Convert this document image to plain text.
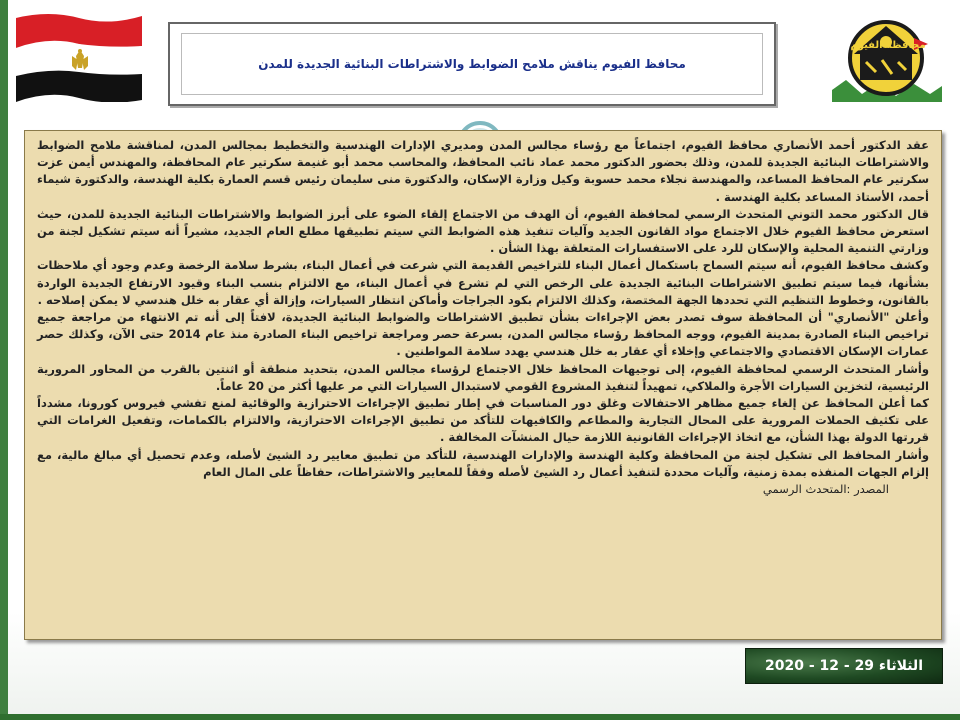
محافظة الفيوم
محافظ الفيوم يناقش ملامح الضوابط والاشتراطات البنائية الجديدة للمدن

عقد الدكتور أحمد الأنصاري محافظ الفيوم، اجتماعاً مع رؤساء مجالس المدن ومديري الإدارات الهندسية والتخطيط بمجالس المدن، لمناقشة ملامح الضوابط والاشتراطات البنائية الجديدة للمدن، وذلك بحضور الدكتور محمد عماد نائب المحافظ، والمحاسب محمد أبو غنيمة سكرتير عام المحافظة، والمهندس أيمن عزت سكرتير عام المحافظ المساعد، والمهندسة نجلاء محمد حسوبة وكيل وزارة الإسكان، والدكتورة منى سليمان رئيس قسم العمارة بكلية الهندسة، والدكتورة شيماء أحمد، الأستاذ المساعد بكلية الهندسة .

قال الدكتور محمد التوني المتحدث الرسمي لمحافظة الفيوم، أن الهدف من الاجتماع إلقاء الضوء على أبرز الضوابط والاشتراطات البنائية الجديدة للمدن، حيث استعرض محافظ الفيوم خلال الاجتماع مواد القانون الجديد وآليات تنفيذ هذه الضوابط التي سيتم تطبيقها مطلع العام الجديد، مشيراً أنه سيتم تشكيل لجنة من وزارتي التنمية المحلية والإسكان للرد على الاستفسارات المتعلقة بهذا الشأن .

وكشف محافظ الفيوم، أنه سيتم السماح باستكمال أعمال البناء للتراخيص القديمة التي شرعت في أعمال البناء، بشرط سلامة الرخصة وعدم وجود أي ملاحظات بشأنها، فيما سيتم تطبيق الاشتراطات البنائية الجديدة على الرخص التي لم تشرع في أعمال البناء، مع الالتزام بنسب البناء وقيود الارتفاع الجديدة الواردة بالقانون، وخطوط التنظيم التي تحددها الجهة المختصة، وكذلك الالتزام بكود الجراجات وأماكن انتظار السيارات، وإزالة أي عقار به خلل هندسي لا يمكن إصلاحه .

وأعلن "الأنصاري" أن المحافظة سوف تصدر بعض الإجراءات بشأن تطبيق الاشتراطات والضوابط البنائية الجديدة، لافتاً إلى أنه تم الانتهاء من مراجعة جميع تراخيص البناء الصادرة بمدينة الفيوم، ووجه المحافظ رؤساء مجالس المدن، بسرعة حصر ومراجعة تراخيص البناء الصادرة منذ عام 2014 حتى الآن، وكذلك حصر عمارات الإسكان الاقتصادي والاجتماعي وإخلاء أي عقار به خلل هندسي يهدد سلامة المواطنين .

وأشار المتحدث الرسمي لمحافظة الفيوم، إلى توجيهات المحافظ خلال الاجتماع لرؤساء مجالس المدن، بتحديد منطقة أو اثنتين بالقرب من المحاور المرورية الرئيسية، لتخزين السيارات الأجرة والملاكي، تمهيداً لتنفيذ المشروع القومي لاستبدال السيارات التي مر عليها أكثر من 20 عاماً.

كما أعلن المحافظ عن إلغاء جميع مظاهر الاحتفالات وغلق دور المناسبات في إطار تطبيق الإجراءات الاحترازية والوقائية لمنع تفشي فيروس كورونا، مشدداً على تكثيف الحملات المرورية على المحال التجارية والمطاعم والكافيهات للتأكد من تطبيق الإجراءات الاحترازية، والالتزام بالكمامات، وتفعيل الغرامات التي قررتها الدولة بهذا الشأن، مع اتخاذ الإجراءات القانونية اللازمة حيال المنشآت المخالفة .

وأشار المحافظ الى تشكيل لجنة من المحافظة وكلية الهندسة والإدارات الهندسية، للتأكد من تطبيق معايير رد الشيئ لأصله، وعدم تحصيل أي مبالغ مالية، مع إلزام الجهات المنفذه بمدة زمنية، وآليات محددة لتنفيذ أعمال رد الشيئ لأصله وفقاً للمعايير والاشتراطات، حفاظاً على المال العام

المصدر :المتحدث الرسمي

الثلاثاء 29 - 12 - 2020
